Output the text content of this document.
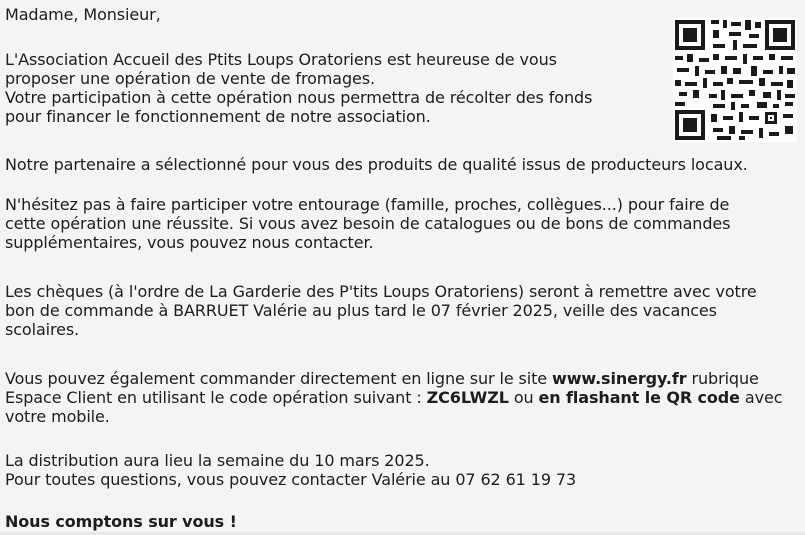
Madame, Monsieur,
L'Association Accueil des Ptits Loups Oratoriens est heureuse de vous
proposer une opération de vente de fromages.
Votre participation à cette opération nous permettra de récolter des fonds
pour financer le fonctionnement de notre association.
Notre partenaire a sélectionné pour vous des produits de qualité issus de producteurs locaux.
N'hésitez pas à faire participer votre entourage (famille, proches, collègues...) pour faire de
cette opération une réussite. Si vous avez besoin de catalogues ou de bons de commandes
supplémentaires, vous pouvez nous contacter.
Les chèques (à l'ordre de La Garderie des P'tits Loups Oratoriens) seront à remettre avec votre
bon de commande à BARRUET Valérie au plus tard le 07 février 2025, veille des vacances
scolaires.
Vous pouvez également commander directement en ligne sur le site www.sinergy.fr rubrique
Espace Client en utilisant le code opération suivant : ZC6LWZL ou en flashant le QR code avec
votre mobile.
La distribution aura lieu la semaine du 10 mars 2025.
Pour toutes questions, vous pouvez contacter Valérie au 07 62 61 19 73
Nous comptons sur vous !
